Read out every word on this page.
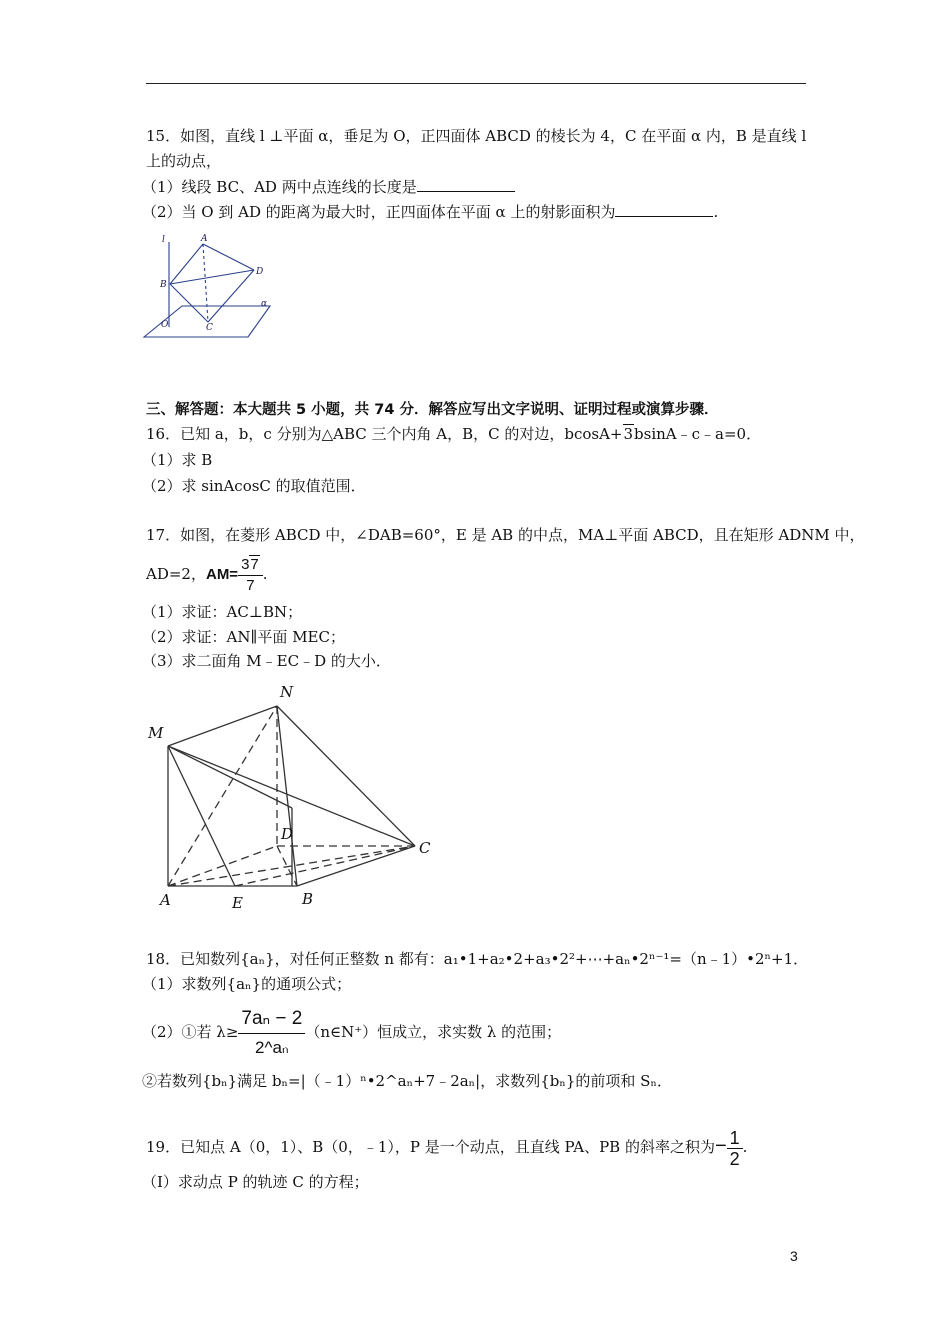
15．如图，直线 l ⊥平面 α，垂足为 O，正四面体 ABCD 的棱长为 4，C 在平面 α 内，B 是直线 l
上的动点，
（1）线段 BC、AD 两中点连线的长度是
（2）当 O 到 AD 的距离为最大时，正四面体在平面 α 上的射影面积为	.
l	A
D
B
O	C
α
三、解答题：本大题共 5 小题，共 74 分．解答应写出文字说明、证明过程或演算步骤．
16．已知 a，b，c 分别为△ABC 三个内角 A，B，C 的对边，bcosA+3bsinA﹣c﹣a=0．
（1）求 B
（2）求 sinAcosC 的取值范围．
17．如图，在菱形 ABCD 中，∠DAB=60°，E 是 AB 的中点，MA⊥平面 ABCD，且在矩形 ADNM 中，
AD=2，$AM= \frac{37}{7}$ .
（1）求证：AC⊥BN；
（2）求证：AN∥平面 MEC；
（3）求二面角 M﹣EC﹣D 的大小．
N
M
D
C
A	E	B
18．已知数列{aₙ}，对任何正整数 n 都有：a₁•1+a₂•2+a₃•2²+⋯+aₙ•2ⁿ⁻¹=（n﹣1）•2ⁿ+1．
（1）求数列{aₙ}的通项公式；
（2）①若 $\lambda\ge \frac{\text{7aₙ − 2}}{\text{2\textasciicircum{}aₙ}}$ （n∈N⁺）恒成立，求实数 λ 的范围；
②若数列{bₙ}满足 bₙ=|（﹣1）ⁿ•2^aₙ+7﹣2aₙ|，求数列{bₙ}的前项和 Sₙ．
19．已知点 A（0，1）、B（0，﹣1），P 是一个动点，且直线 PA、PB 的斜率之积为− $\frac{1}{2}$ .
（Ⅰ）求动点 P 的轨迹 C 的方程；
3
